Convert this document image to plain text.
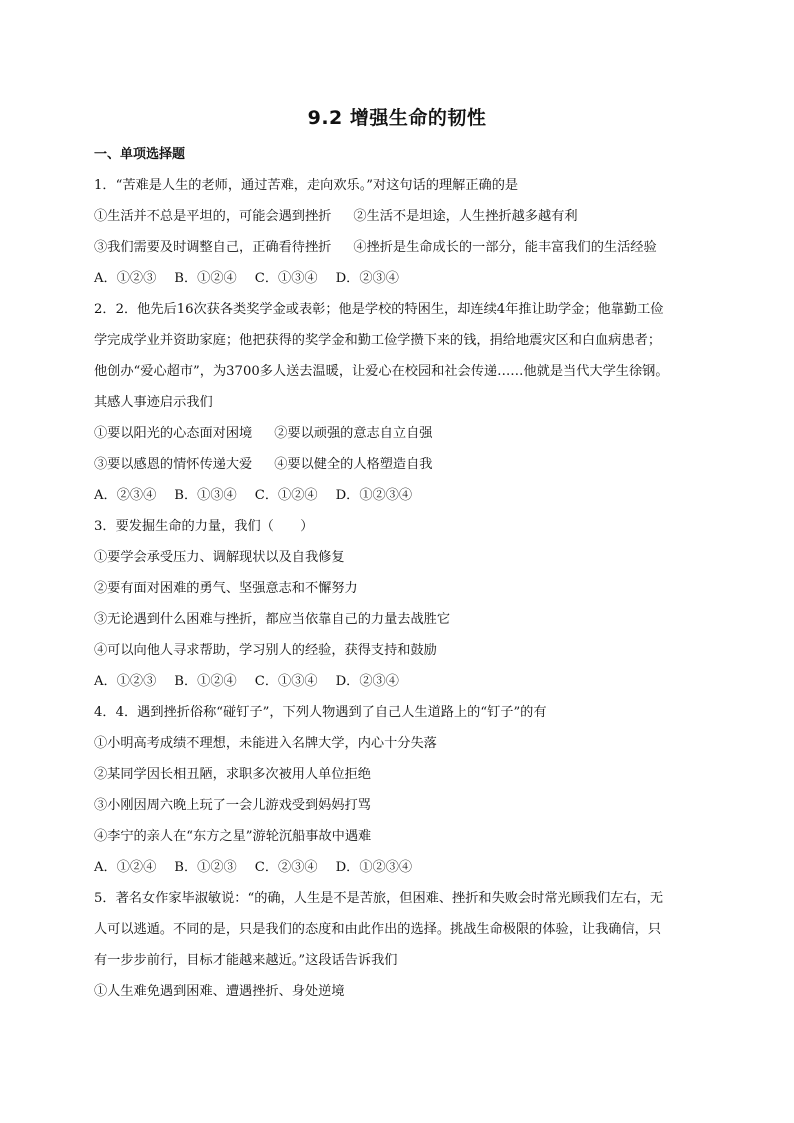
9.2 增强生命的韧性
一、单项选择题
1．“苦难是人生的老师，通过苦难，走向欢乐。”对这句话的理解正确的是
①生活并不总是平坦的，可能会遇到挫折 ②生活不是坦途，人生挫折越多越有利
③我们需要及时调整自己，正确看待挫折 ④挫折是生命成长的一部分，能丰富我们的生活经验
A．①②③ B．①②④ C．①③④ D．②③④
2．2．他先后16次获各类奖学金或表彰；他是学校的特困生，却连续4年推让助学金；他靠勤工俭
学完成学业并资助家庭；他把获得的奖学金和勤工俭学攒下来的钱，捐给地震灾区和白血病患者；
他创办“爱心超市”，为3700多人送去温暖，让爱心在校园和社会传递……他就是当代大学生徐钢。
其感人事迹启示我们
①要以阳光的心态面对困境 ②要以顽强的意志自立自强
③要以感恩的情怀传递大爱 ④要以健全的人格塑造自我
A．②③④ B．①③④ C．①②④ D．①②③④
3．要发掘生命的力量，我们（　　）
①要学会承受压力、调解现状以及自我修复
②要有面对困难的勇气、坚强意志和不懈努力
③无论遇到什么困难与挫折，都应当依靠自己的力量去战胜它
④可以向他人寻求帮助，学习别人的经验，获得支持和鼓励
A．①②③ B．①②④ C．①③④ D．②③④
4．4．遇到挫折俗称“碰钉子”，下列人物遇到了自己人生道路上的“钉子”的有
①小明高考成绩不理想，未能进入名牌大学，内心十分失落
②某同学因长相丑陋，求职多次被用人单位拒绝
③小刚因周六晚上玩了一会儿游戏受到妈妈打骂
④李宁的亲人在“东方之星”游轮沉船事故中遇难
A．①②④ B．①②③ C．②③④ D．①②③④
5．著名女作家毕淑敏说：“的确，人生是不是苦旅，但困难、挫折和失败会时常光顾我们左右，无
人可以逃遁。不同的是，只是我们的态度和由此作出的选择。挑战生命极限的体验，让我确信，只
有一步步前行，目标才能越来越近。”这段话告诉我们
①人生难免遇到困难、遭遇挫折、身处逆境
